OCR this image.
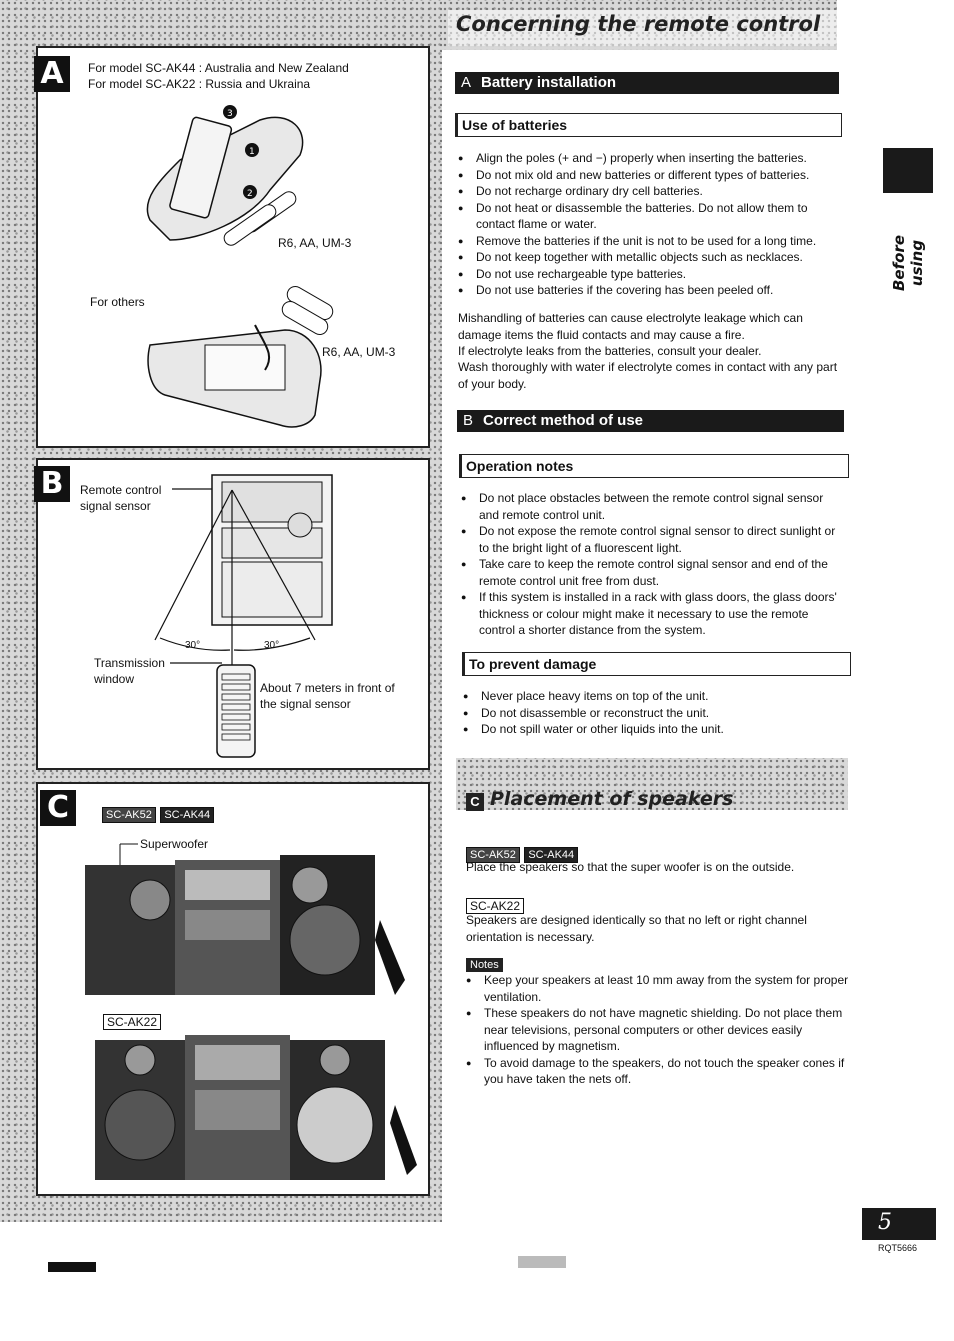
Concerning the remote control
A	For model SC-AK44 : Australia and New Zealand
For model SC-AK22 : Russia and Ukraina
3
1
2
R6, AA, UM-3
For others
R6, AA, UM-3
B	Remote control
signal sensor
30°	30°
Transmission
window
About 7 meters in front of
the signal sensor
C	SC-AK52 SC-AK44
Superwoofer
SC-AK22
Before using
A Battery installation
Use of batteries
● Align the poles (+ and −) properly when inserting the batteries.
● Do not mix old and new batteries or different types of batteries.
● Do not recharge ordinary dry cell batteries.
● Do not heat or disassemble the batteries. Do not allow them to contact flame or water.
● Remove the batteries if the unit is not to be used for a long time.
● Do not keep together with metallic objects such as necklaces.
● Do not use rechargeable type batteries.
● Do not use batteries if the covering has been peeled off.
Mishandling of batteries can cause electrolyte leakage which can damage items the fluid contacts and may cause a fire.
If electrolyte leaks from the batteries, consult your dealer.
Wash thoroughly with water if electrolyte comes in contact with any part of your body.
B Correct method of use
Operation notes
● Do not place obstacles between the remote control signal sensor and remote control unit.
● Do not expose the remote control signal sensor to direct sunlight or to the bright light of a fluorescent light.
● Take care to keep the remote control signal sensor and end of the remote control unit free from dust.
● If this system is installed in a rack with glass doors, the glass doors' thickness or colour might make it necessary to use the remote control a shorter distance from the system.
To prevent damage
● Never place heavy items on top of the unit.
● Do not disassemble or reconstruct the unit.
● Do not spill water or other liquids into the unit.
C Placement of speakers
SC-AK52 SC-AK44
Place the speakers so that the super woofer is on the outside.
SC-AK22
Speakers are designed identically so that no left or right channel orientation is necessary.
Notes
● Keep your speakers at least 10 mm away from the system for proper ventilation.
● These speakers do not have magnetic shielding. Do not place them near televisions, personal computers or other devices easily influenced by magnetism.
● To avoid damage to the speakers, do not touch the speaker cones if you have taken the nets off.
5
RQT5666
